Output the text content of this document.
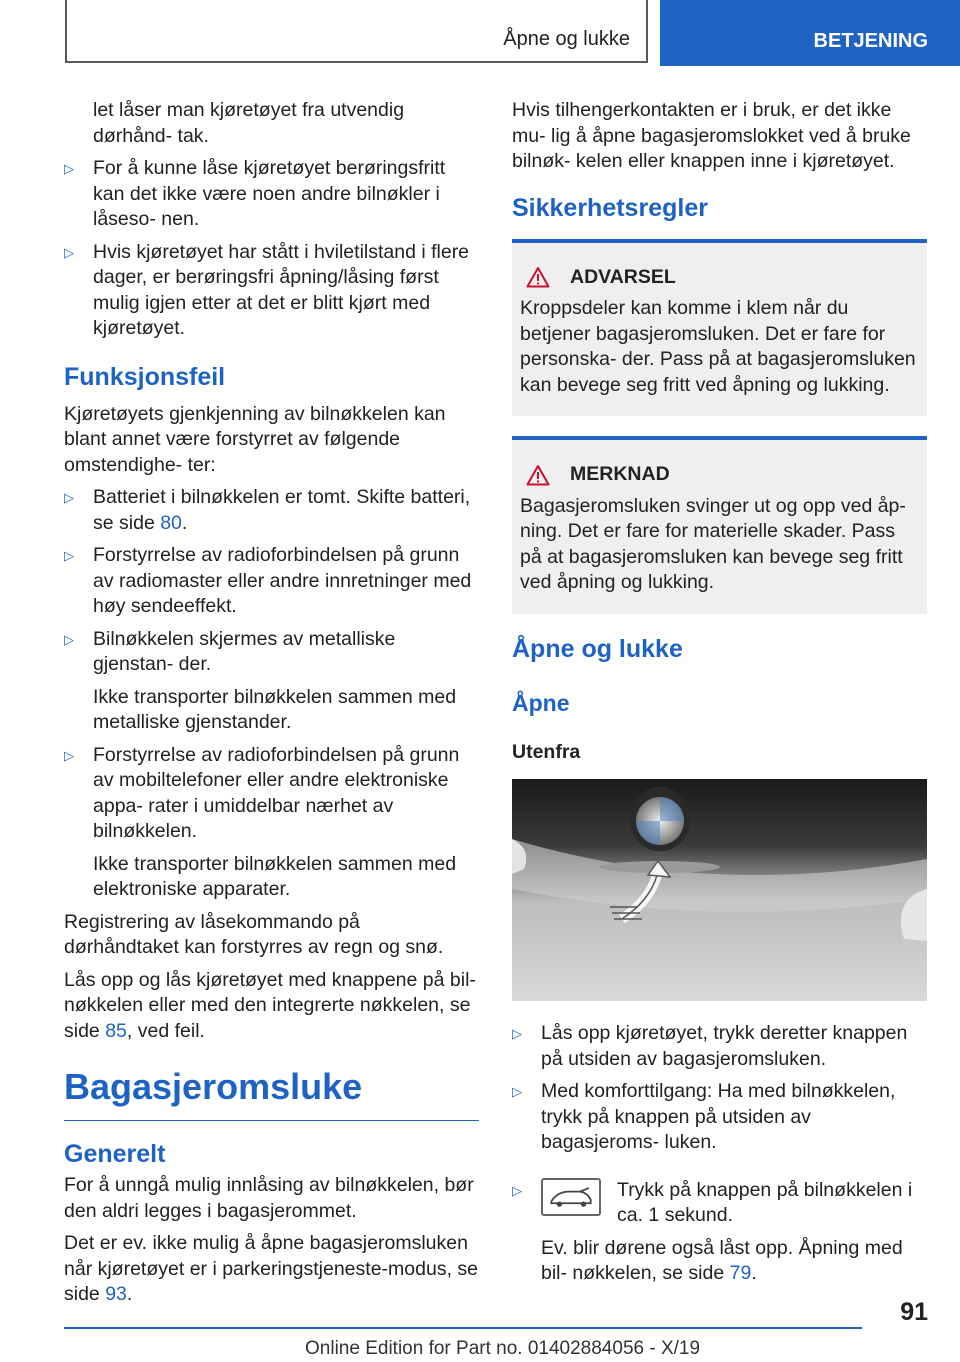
Åpne og lukke	BETJENING

let låser man kjøretøyet fra utvendig dørhånd- tak.

▷ For å kunne låse kjøretøyet berøringsfritt kan det ikke være noen andre bilnøkler i låseso- nen.
▷ Hvis kjøretøyet har stått i hviletilstand i flere dager, er berøringsfri åpning/låsing først mulig igjen etter at det er blitt kjørt med kjøretøyet.
Funksjonsfeil

Kjøretøyets gjenkjenning av bilnøkkelen kan blant annet være forstyrret av følgende omstendighe- ter:

▷ Batteriet i bilnøkkelen er tomt. Skifte batteri, se side 80.
▷ Forstyrrelse av radioforbindelsen på grunn av radiomaster eller andre innretninger med høy sendeeffekt.
▷ Bilnøkkelen skjermes av metalliske gjenstan- der.
Ikke transporter bilnøkkelen sammen med metalliske gjenstander.
▷ Forstyrrelse av radioforbindelsen på grunn av mobiltelefoner eller andre elektroniske appa- rater i umiddelbar nærhet av bilnøkkelen.
Ikke transporter bilnøkkelen sammen med elektroniske apparater.

Registrering av låsekommando på dørhåndtaket kan forstyrres av regn og snø.

Lås opp og lås kjøretøyet med knappene på bil- nøkkelen eller med den integrerte nøkkelen, se side 85, ved feil.

Bagasjeromsluke
Generelt

For å unngå mulig innlåsing av bilnøkkelen, bør den aldri legges i bagasjerommet.

Det er ev. ikke mulig å åpne bagasjeromsluken når kjøretøyet er i parkeringstjeneste-modus, se side 93.

Hvis tilhengerkontakten er i bruk, er det ikke mu- lig å åpne bagasjeromslokket ved å bruke bilnøk- kelen eller knappen inne i kjøretøyet.

Sikkerhetsregler
ADVARSEL
Kroppsdeler kan komme i klem når du betjener bagasjeromsluken. Det er fare for personska- der. Pass på at bagasjeromsluken kan bevege seg fritt ved åpning og lukking.
MERKNAD
Bagasjeromsluken svinger ut og opp ved åp- ning. Det er fare for materielle skader. Pass på at bagasjeromsluken kan bevege seg fritt ved åpning og lukking.
Åpne og lukke
Åpne
Utenfra
▷ Lås opp kjøretøyet, trykk deretter knappen på utsiden av bagasjeromsluken.
▷ Med komforttilgang: Ha med bilnøkkelen, trykk på knappen på utsiden av bagasjeroms- luken.
▷	Trykk på knappen på bilnøkkelen i ca. 1 sekund.
Ev. blir dørene også låst opp. Åpning med bil- nøkkelen, se side 79.
91
Online Edition for Part no. 01402884056 - X/19
